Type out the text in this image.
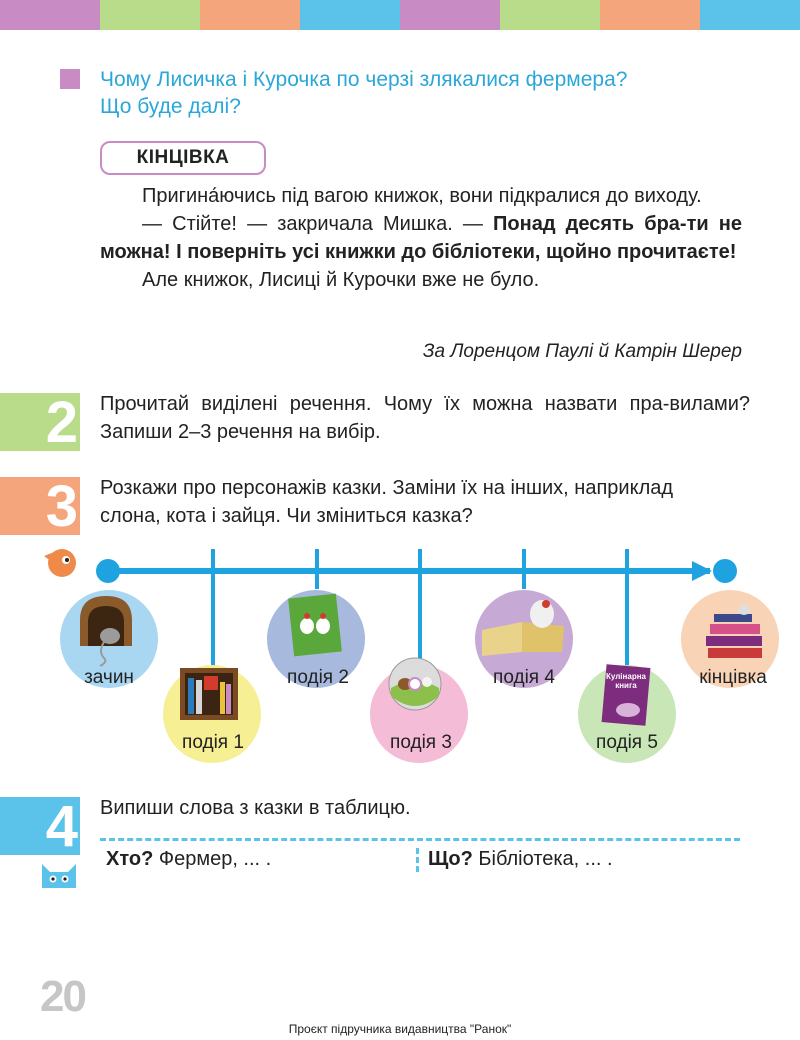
Чому Лисичка і Курочка по черзі злякалися фермера?
Що буде далі?
КІНЦІВКА

Пригина́ючись під вагою книжок, вони підкралися до виходу.

— Стійте! — закричала Мишка. — Понад десять бра-ти не можна! І поверніть усі книжки до бібліотеки, щойно прочитаєте!

Але книжок, Лисиці й Курочки вже не було.

За Лоренцом Паулі й Катрін Шерер
2 Прочитай виділені речення. Чому їх можна назвати пра-вилами? Запиши 2–3 речення на вибір.
3 Розкажи про персонажів казки. Заміни їх на інших, наприклад слона, кота і зайця. Чи зміниться казка?
зачин
подія 1
подія 2
подія 3
подія 4	Кулінарна книга
подія 5
кінцівка
4 Випиши слова з казки в таблицю.
Хто? Фермер, ... .	Що? Бібліотека, ... .
20
Проєкт підручника видавництва "Ранок"
